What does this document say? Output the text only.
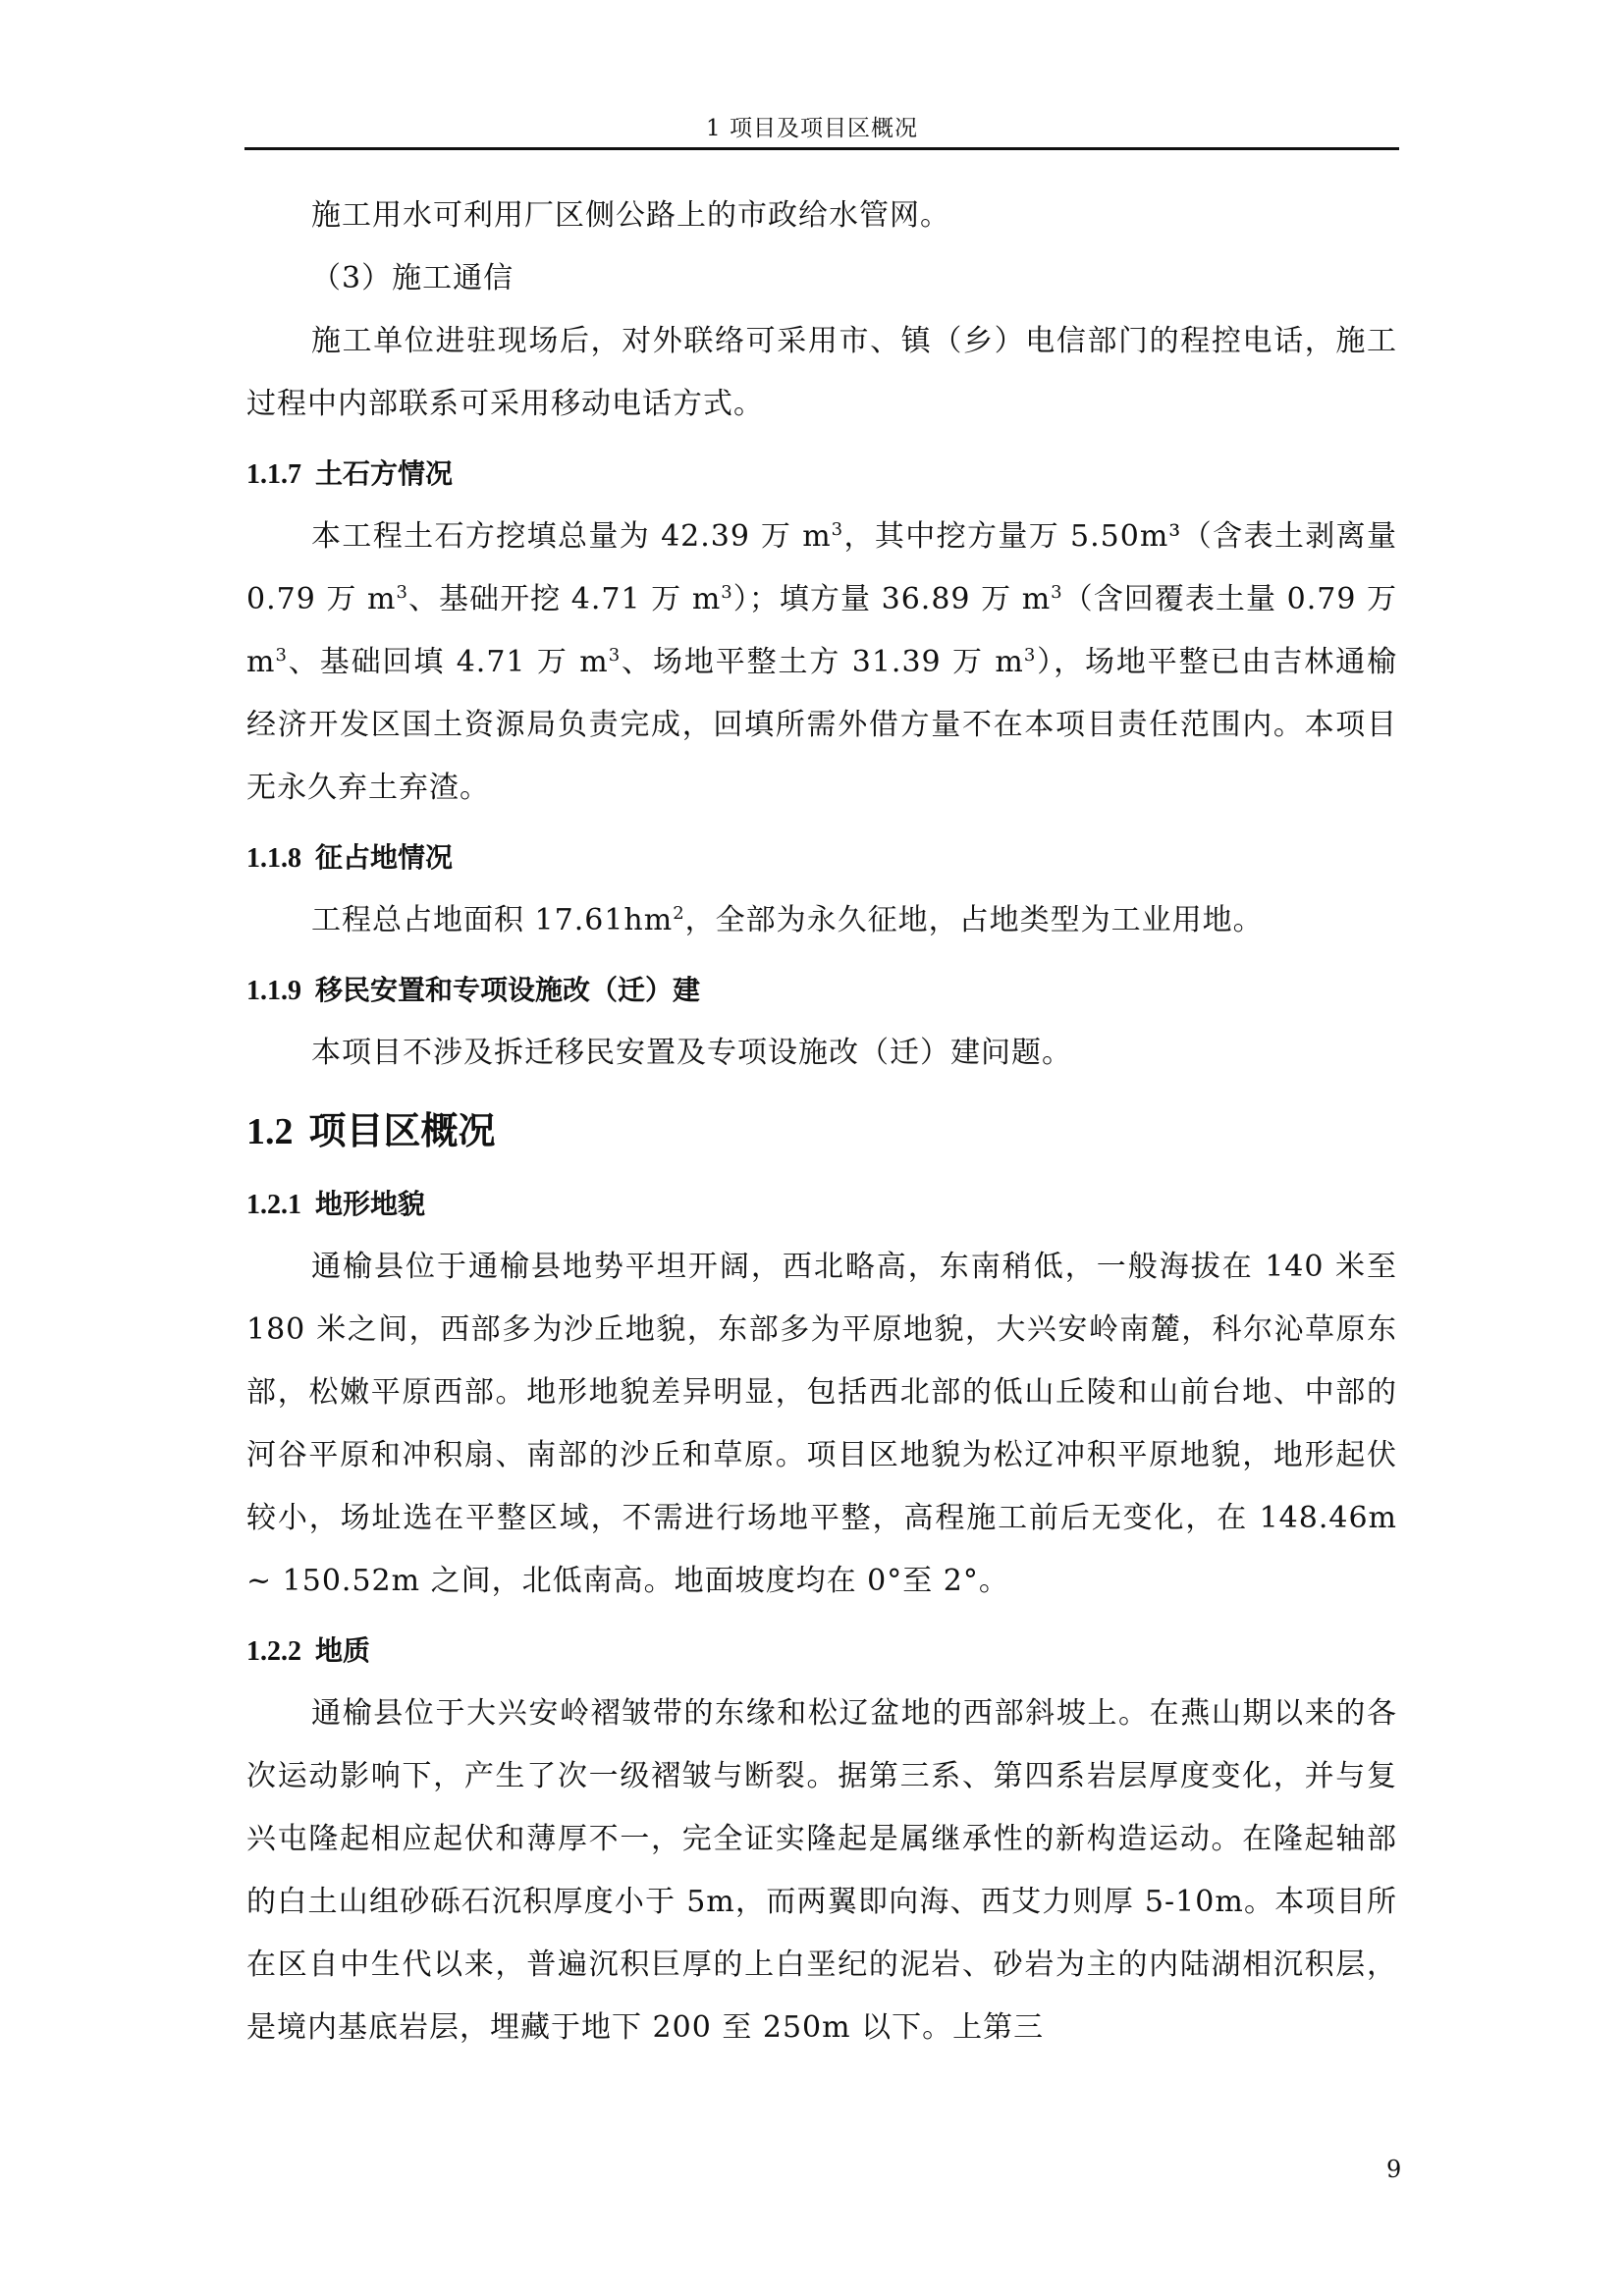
1 项目及项目区概况

施工用水可利用厂区侧公路上的市政给水管网。

（3）施工通信

施工单位进驻现场后，对外联络可采用市、镇（乡）电信部门的程控电话，施工过程中内部联系可采用移动电话方式。

1.1.7 土石方情况

本工程土石方挖填总量为 42.39 万 $m^3$，其中挖方量万 5.50m³（含表土剥离量 0.79 万 $m^3$、基础开挖 4.71 万 $m^3$）；填方量 36.89 万 $m^3$（含回覆表土量 0.79 万 $m^3$、基础回填 4.71 万 $m^3$、场地平整土方 31.39 万 $m^3$），场地平整已由吉林通榆经济开发区国土资源局负责完成，回填所需外借方量不在本项目责任范围内。本项目无永久弃土弃渣。

1.1.8 征占地情况

工程总占地面积 $17.61hm^2$，全部为永久征地，占地类型为工业用地。

1.1.9 移民安置和专项设施改（迁）建

本项目不涉及拆迁移民安置及专项设施改（迁）建问题。

1.2 项目区概况

1.2.1 地形地貌

通榆县位于通榆县地势平坦开阔，西北略高，东南稍低，一般海拔在 140 米至 180 米之间，西部多为沙丘地貌，东部多为平原地貌，大兴安岭南麓，科尔沁草原东部，松嫩平原西部。地形地貌差异明显，包括西北部的低山丘陵和山前台地、中部的河谷平原和冲积扇、南部的沙丘和草原。项目区地貌为松辽冲积平原地貌，地形起伏较小，场址选在平整区域，不需进行场地平整，高程施工前后无变化，在 148.46m ~ 150.52m 之间，北低南高。地面坡度均在 0°至 2°。

1.2.2 地质

通榆县位于大兴安岭褶皱带的东缘和松辽盆地的西部斜坡上。在燕山期以来的各次运动影响下，产生了次一级褶皱与断裂。据第三系、第四系岩层厚度变化，并与复兴屯隆起相应起伏和薄厚不一，完全证实隆起是属继承性的新构造运动。在隆起轴部的白土山组砂砾石沉积厚度小于 5m，而两翼即向海、西艾力则厚 5-10m。本项目所在区自中生代以来，普遍沉积巨厚的上白垩纪的泥岩、砂岩为主的内陆湖相沉积层，是境内基底岩层，埋藏于地下 200 至 250m 以下。上第三

9
